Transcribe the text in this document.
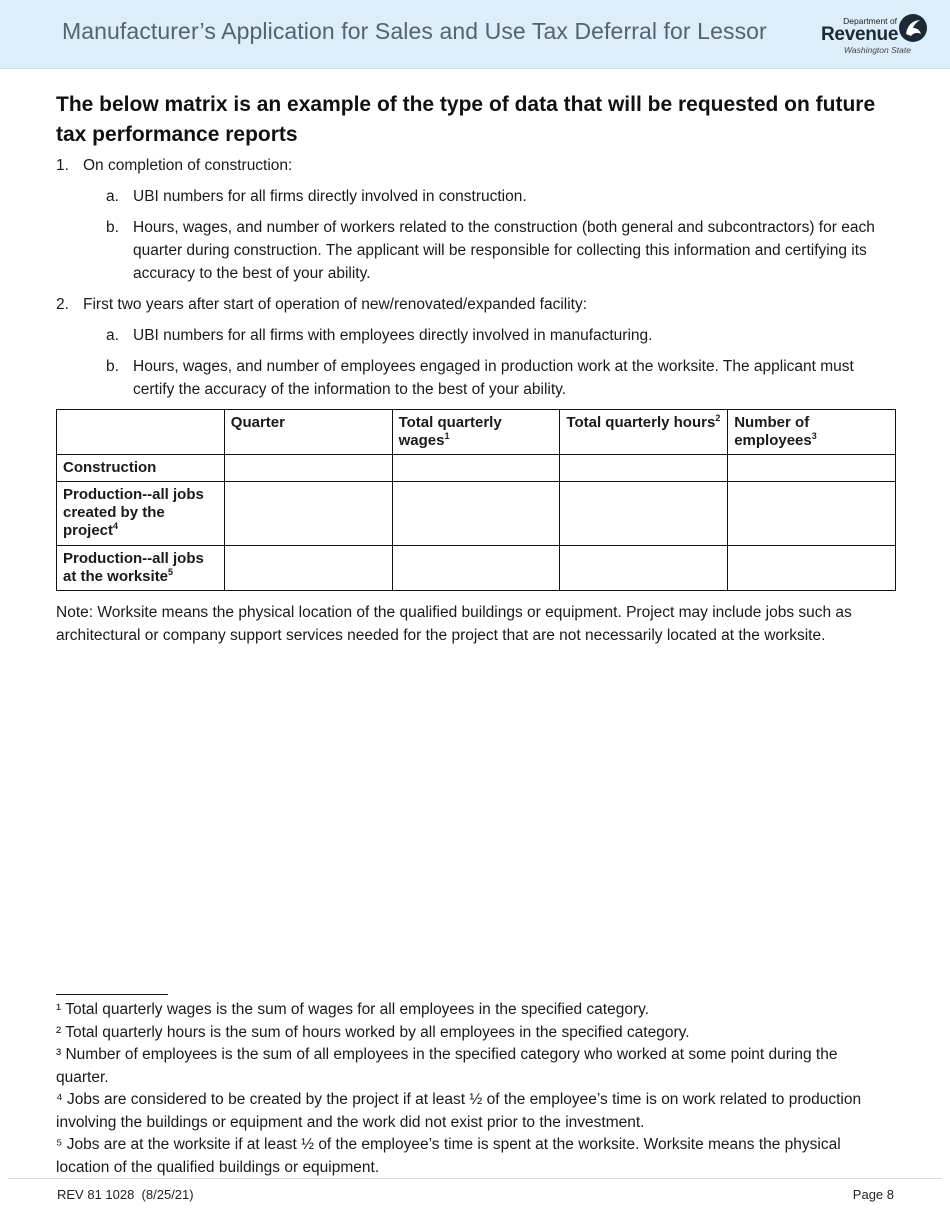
Manufacturer’s Application for Sales and Use Tax Deferral for Lessor	Department of
Revenue
Washington State
The below matrix is an example of the type of data that will be requested on future tax performance reports
1. On completion of construction:
a. UBI numbers for all firms directly involved in construction.
b. Hours, wages, and number of workers related to the construction (both general and subcontractors) for each quarter during construction. The applicant will be responsible for collecting this information and certifying its accuracy to the best of your ability.
2. First two years after start of operation of new/renovated/expanded facility:
a. UBI numbers for all firms with employees directly involved in manufacturing.
b. Hours, wages, and number of employees engaged in production work at the worksite. The applicant must certify the accuracy of the information to the best of your ability.
	Quarter	Total quarterly wages$^1$	Total quarterly hours$^2$	Number of employees$^3$
Construction				
Production--all jobs created by the project$^4$				
Production--all jobs at the worksite$^5$				
Note: Worksite means the physical location of the qualified buildings or equipment. Project may include jobs such as architectural or company support services needed for the project that are not necessarily located at the worksite.

¹ Total quarterly wages is the sum of wages for all employees in the specified category.

² Total quarterly hours is the sum of hours worked by all employees in the specified category.

³ Number of employees is the sum of all employees in the specified category who worked at some point during the quarter.

⁴ Jobs are considered to be created by the project if at least ½ of the employee’s time is on work related to production involving the buildings or equipment and the work did not exist prior to the investment.

⁵ Jobs are at the worksite if at least ½ of the employee’s time is spent at the worksite. Worksite means the physical location of the qualified buildings or equipment.

REV 81 1028  (8/25/21)	Page 8
